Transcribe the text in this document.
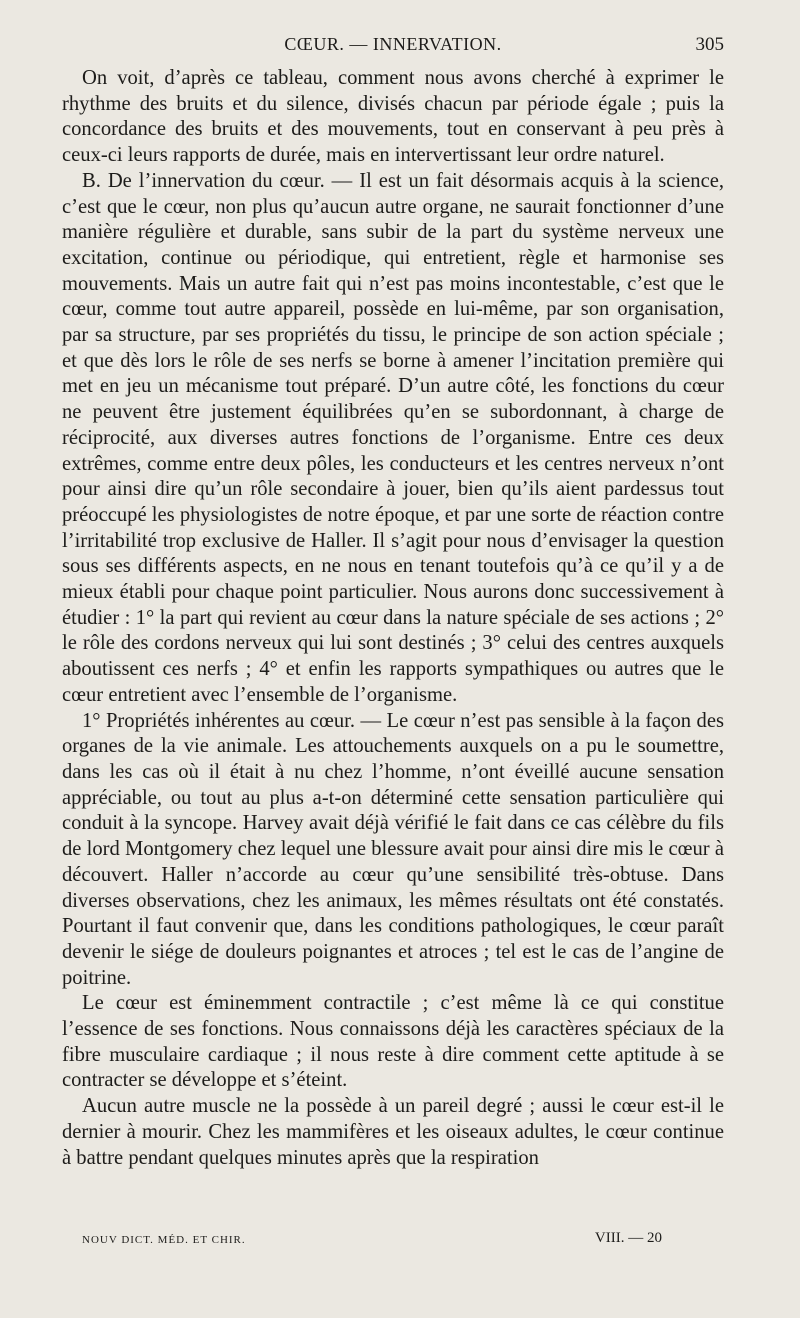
CŒUR. — INNERVATION.	305

On voit, d’après ce tableau, comment nous avons cherché à exprimer le rhythme des bruits et du silence, divisés chacun par période égale ; puis la concordance des bruits et des mouvements, tout en conservant à peu près à ceux-ci leurs rapports de durée, mais en intervertissant leur ordre naturel.

B. De l’innervation du cœur. — Il est un fait désormais acquis à la science, c’est que le cœur, non plus qu’aucun autre organe, ne saurait fonctionner d’une manière régulière et durable, sans subir de la part du système nerveux une excitation, continue ou périodique, qui entretient, règle et harmonise ses mouvements. Mais un autre fait qui n’est pas moins incontestable, c’est que le cœur, comme tout autre appareil, possède en lui-même, par son organisation, par sa structure, par ses propriétés du tissu, le principe de son action spéciale ; et que dès lors le rôle de ses nerfs se borne à amener l’incitation première qui met en jeu un mécanisme tout préparé. D’un autre côté, les fonctions du cœur ne peuvent être justement équilibrées qu’en se subordonnant, à charge de réciprocité, aux diverses autres fonctions de l’organisme. Entre ces deux extrêmes, comme entre deux pôles, les conducteurs et les centres nerveux n’ont pour ainsi dire qu’un rôle secondaire à jouer, bien qu’ils aient pardessus tout préoccupé les physiologistes de notre époque, et par une sorte de réaction contre l’irritabilité trop exclusive de Haller. Il s’agit pour nous d’envisager la question sous ses différents aspects, en ne nous en tenant toutefois qu’à ce qu’il y a de mieux établi pour chaque point particulier. Nous aurons donc successivement à étudier : 1° la part qui revient au cœur dans la nature spéciale de ses actions ; 2° le rôle des cordons nerveux qui lui sont destinés ; 3° celui des centres auxquels aboutissent ces nerfs ; 4° et enfin les rapports sympathiques ou autres que le cœur entretient avec l’ensemble de l’organisme.

1° Propriétés inhérentes au cœur. — Le cœur n’est pas sensible à la façon des organes de la vie animale. Les attouchements auxquels on a pu le soumettre, dans les cas où il était à nu chez l’homme, n’ont éveillé aucune sensation appréciable, ou tout au plus a-t-on déterminé cette sensation particulière qui conduit à la syncope. Harvey avait déjà vérifié le fait dans ce cas célèbre du fils de lord Montgomery chez lequel une blessure avait pour ainsi dire mis le cœur à découvert. Haller n’accorde au cœur qu’une sensibilité très-obtuse. Dans diverses observations, chez les animaux, les mêmes résultats ont été constatés. Pourtant il faut convenir que, dans les conditions pathologiques, le cœur paraît devenir le siége de douleurs poignantes et atroces ; tel est le cas de l’angine de poitrine.

Le cœur est éminemment contractile ; c’est même là ce qui constitue l’essence de ses fonctions. Nous connaissons déjà les caractères spéciaux de la fibre musculaire cardiaque ; il nous reste à dire comment cette aptitude à se contracter se développe et s’éteint.

Aucun autre muscle ne la possède à un pareil degré ; aussi le cœur est-il le dernier à mourir. Chez les mammifères et les oiseaux adultes, le cœur continue à battre pendant quelques minutes après que la respiration

NOUV DICT. MÉD. ET CHIR.	VIII. — 20
